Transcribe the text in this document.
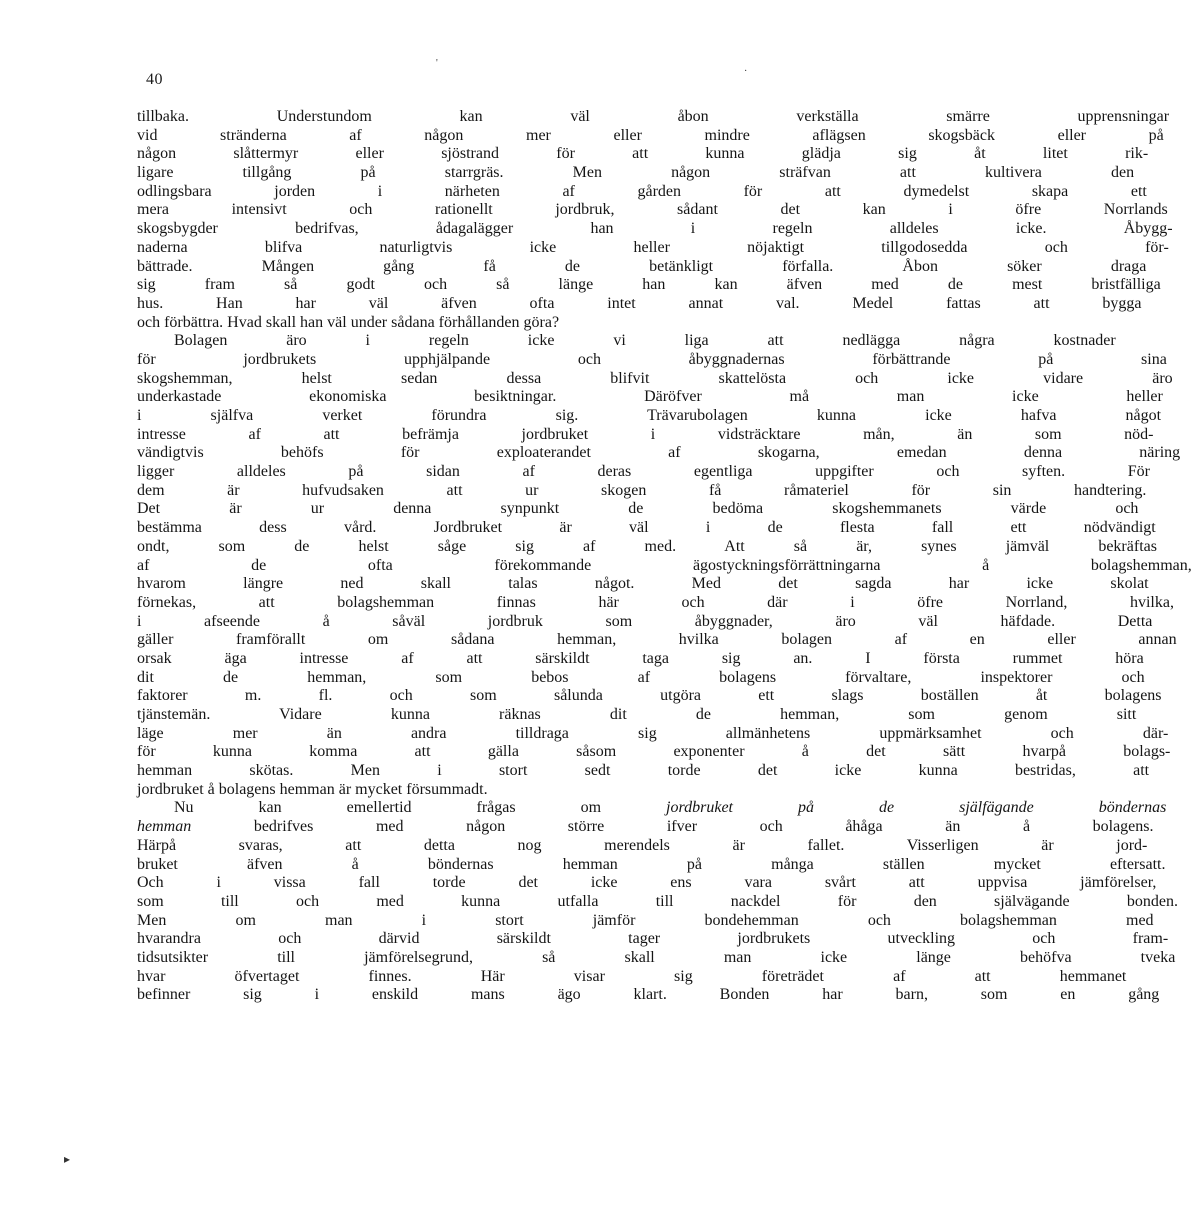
40
tillbaka. Understundom kan väl åbon verkställa smärre upprensningar
vid stränderna af någon mer eller mindre aflägsen skogsbäck eller på
någon slåttermyr eller sjöstrand för att kunna glädja sig åt litet rik-
ligare tillgång på starrgräs. Men någon sträfvan att kultivera den
odlingsbara jorden i närheten af gården för att dymedelst skapa ett
mera intensivt och rationellt jordbruk, sådant det kan i öfre Norrlands
skogsbygder bedrifvas, ådagalägger han i regeln alldeles icke. Åbygg-
naderna blifva naturligtvis icke heller nöjaktigt tillgodosedda och för-
bättrade. Mången gång få de betänkligt förfalla. Åbon söker draga
sig fram så godt och så länge han kan äfven med de mest bristfälliga
hus. Han har väl äfven ofta intet annat val. Medel fattas att bygga
och förbättra. Hvad skall han väl under sådana förhållanden göra?
Bolagen äro i regeln icke vi liga att nedlägga några kostnader
för jordbrukets upphjälpande och åbyggnadernas förbättrande på sina
skogshemman, helst sedan dessa blifvit skattelösta och icke vidare äro
underkastade ekonomiska besiktningar. Däröfver må man icke heller
i själfva verket förundra sig. Trävarubolagen kunna icke hafva något
intresse af att befrämja jordbruket i vidsträcktare mån, än som nöd-
vändigtvis behöfs för exploaterandet af skogarna, emedan denna näring
ligger alldeles på sidan af deras egentliga uppgifter och syften. För
dem är hufvudsaken att ur skogen få råmateriel för sin handtering.
Det är ur denna synpunkt de bedöma skogshemmanets värde och
bestämma dess vård. Jordbruket är väl i de flesta fall ett nödvändigt
ondt, som de helst såge sig af med. Att så är, synes jämväl bekräftas
af de ofta förekommande ägostyckningsförrättningarna å bolagshemman,
hvarom längre ned skall talas något. Med det sagda har icke skolat
förnekas, att bolagshemman finnas här och där i öfre Norrland, hvilka,
i afseende å såväl jordbruk som åbyggnader, äro väl häfdade. Detta
gäller framförallt om sådana hemman, hvilka bolagen af en eller annan
orsak äga intresse af att särskildt taga sig an. I första rummet höra
dit de hemman, som bebos af bolagens förvaltare, inspektorer och
faktorer m. fl. och som sålunda utgöra ett slags boställen åt bolagens
tjänstemän. Vidare kunna räknas dit de hemman, som genom sitt
läge mer än andra tilldraga sig allmänhetens uppmärksamhet och där-
för kunna komma att gälla såsom exponenter å det sätt hvarpå bolags-
hemman skötas. Men i stort sedt torde det icke kunna bestridas, att
jordbruket å bolagens hemman är mycket försummadt.
Nu kan emellertid frågas om jordbruket på de själfägande böndernas
hemman bedrifves med någon större ifver och åhåga än å bolagens.
Härpå svaras, att detta nog merendels är fallet. Visserligen är jord-
bruket äfven å böndernas hemman på många ställen mycket eftersatt.
Och i vissa fall torde det icke ens vara svårt att uppvisa jämförelser,
som till och med kunna utfalla till nackdel för den självägande bonden.
Men om man i stort jämför bondehemman och bolagshemman med
hvarandra och därvid särskildt tager jordbrukets utveckling och fram-
tidsutsikter till jämförelsegrund, så skall man icke länge behöfva tveka
hvar öfvertaget finnes. Här visar sig företrädet af att hemmanet
befinner sig i enskild mans ägo klart. Bonden har barn, som en gång
'
·
▸
